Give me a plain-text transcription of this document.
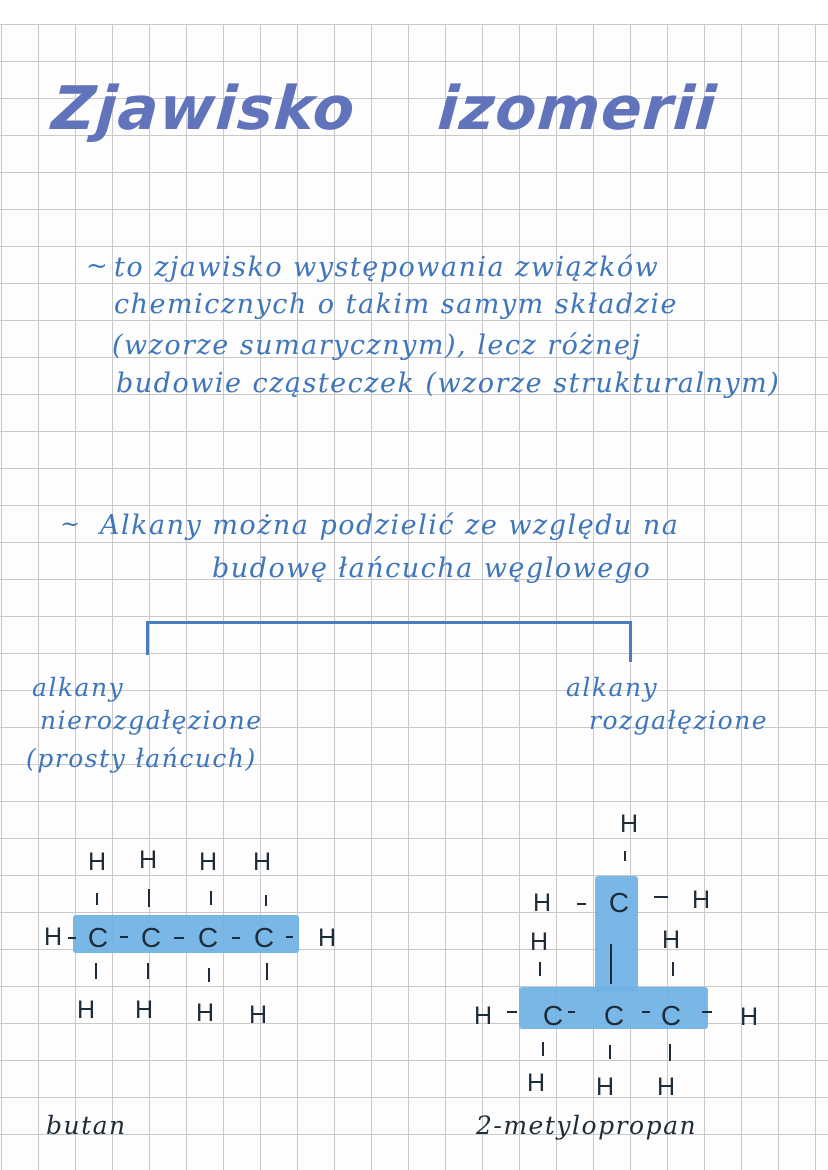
Zjawisko izomerii
~ to zjawisko występowania związków
chemicznych o takim samym składzie
(wzorze sumarycznym), lecz różnej
budowie cząsteczek (wzorze strukturalnym)
~ Alkany można podzielić ze względu na
budowę łańcucha węglowego
alkany
nierozgałęzione
(prosty łańcuch)
alkany
rozgałęzione
H H H H
H C C C C H
H H H H
H
H C	H
H	H
H C C C H
H H H
butan	2-metylopropan
